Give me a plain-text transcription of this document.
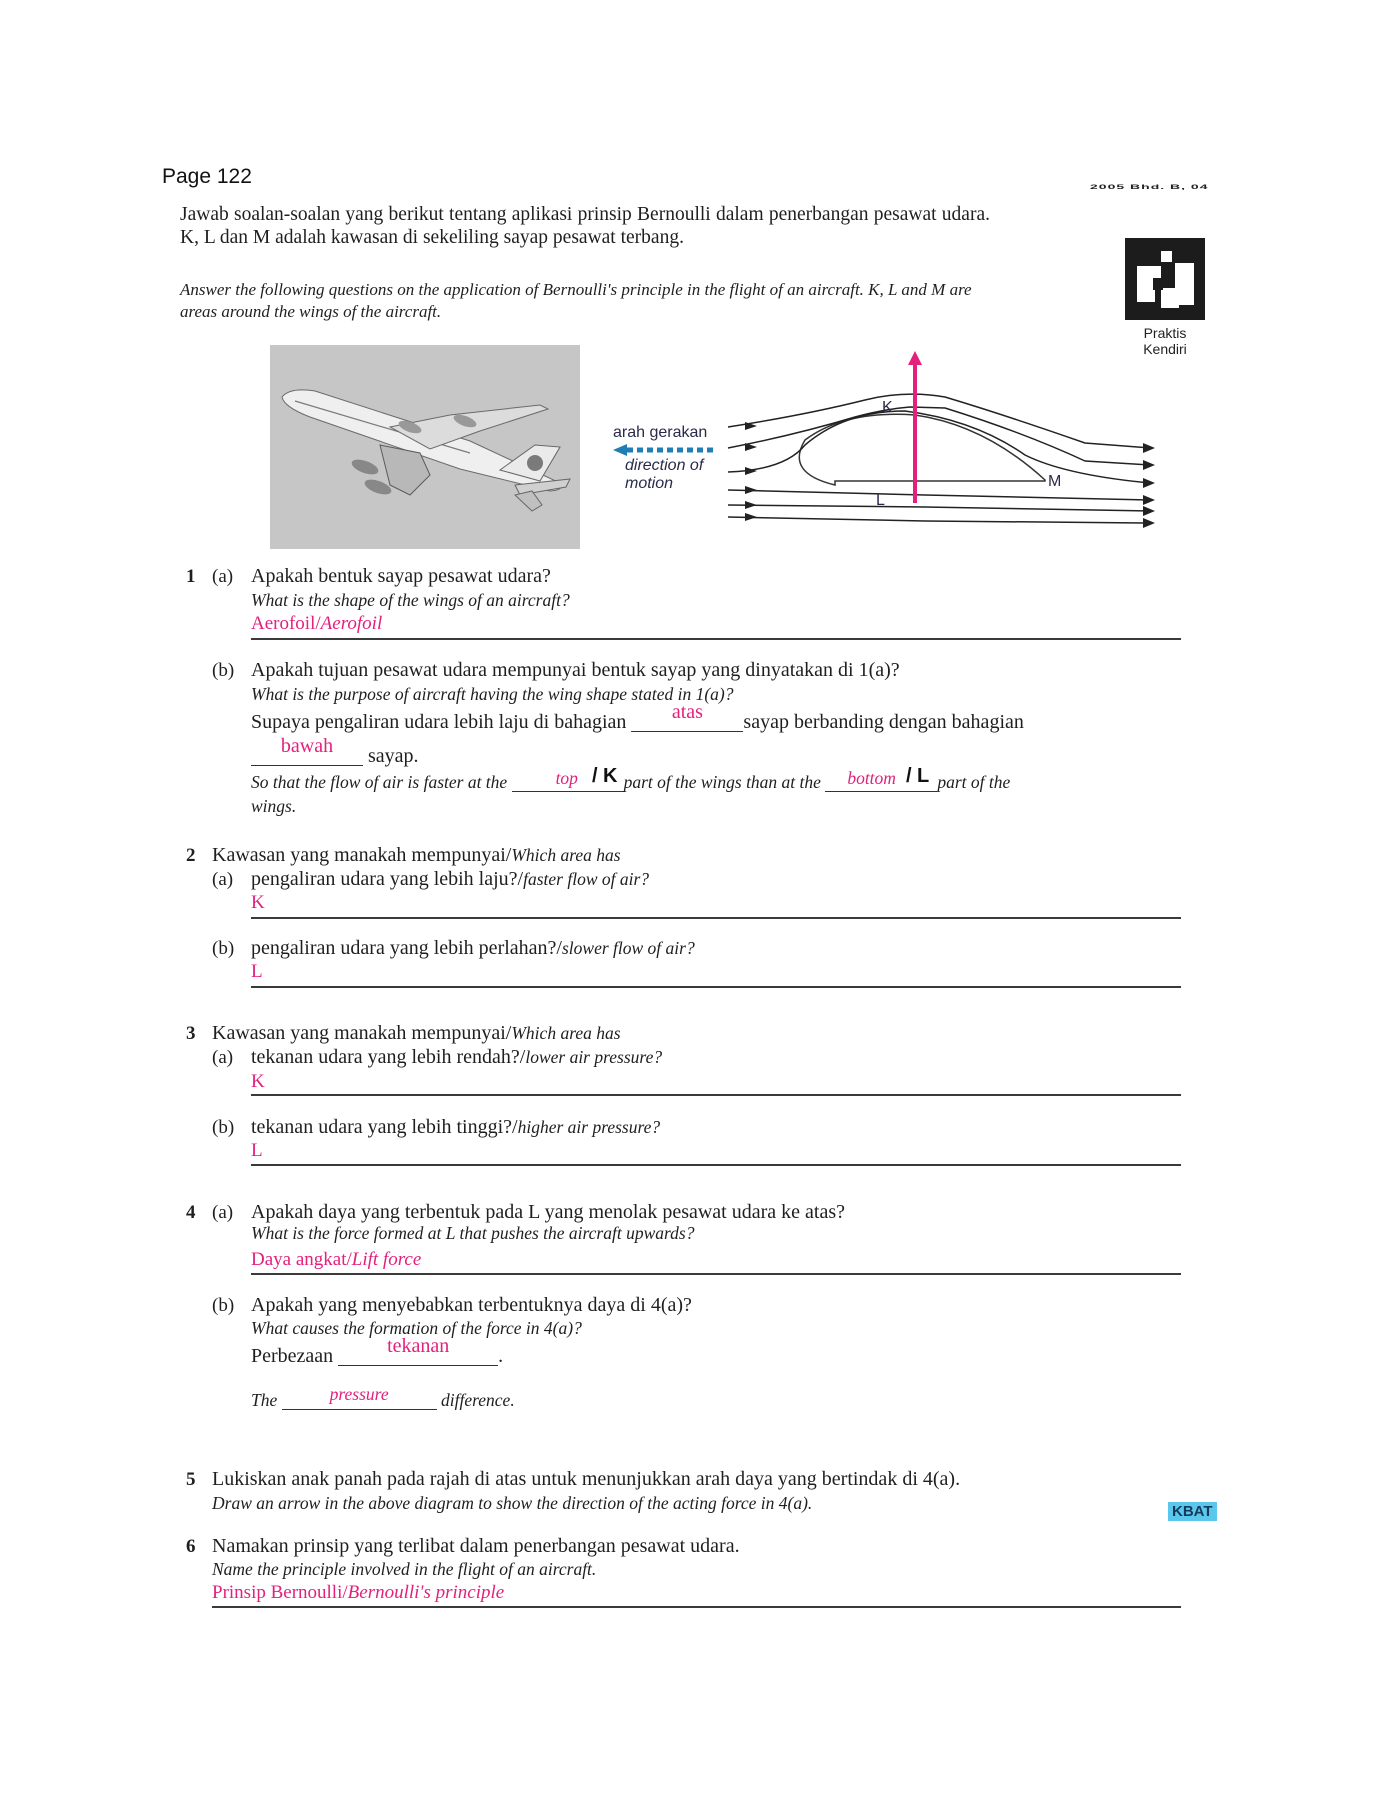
Page 122	2005 Bhd. B, 04
Jawab soalan-soalan yang berikut tentang aplikasi prinsip Bernoulli dalam penerbangan pesawat udara. K, L dan M adalah kawasan di sekeliling sayap pesawat terbang.
Answer the following questions on the application of Bernoulli's principle in the flight of an aircraft. K, L and M are areas around the wings of the aircraft.
Praktis
Kendiri
arah gerakan
direction of
motion
K
M
L
1 (a) Apakah bentuk sayap pesawat udara?
What is the shape of the wings of an aircraft?
Aerofoil/Aerofoil
(b) Apakah tujuan pesawat udara mempunyai bentuk sayap yang dinyatakan di 1(a)?
What is the purpose of aircraft having the wing shape stated in 1(a)?
Supaya pengaliran udara lebih laju di bahagian atas sayap berbanding dengan bahagian
bawah sayap.
So that the flow of air is faster at the	top / K part of the wings than at the bottom / L part of the
wings.
2 Kawasan yang manakah mempunyai/Which area has
(a) pengaliran udara yang lebih laju?/faster flow of air?
K
(b) pengaliran udara yang lebih perlahan?/slower flow of air?
L
3 Kawasan yang manakah mempunyai/Which area has
(a) tekanan udara yang lebih rendah?/lower air pressure?
K
(b) tekanan udara yang lebih tinggi?/higher air pressure?
L
4 (a) Apakah daya yang terbentuk pada L yang menolak pesawat udara ke atas?
What is the force formed at L that pushes the aircraft upwards?
Daya angkat/Lift force
(b) Apakah yang menyebabkan terbentuknya daya di 4(a)?
What causes the formation of the force in 4(a)?
Perbezaan	tekanan .
The	pressure	difference.
5 Lukiskan anak panah pada rajah di atas untuk menunjukkan arah daya yang bertindak di 4(a).
Draw an arrow in the above diagram to show the direction of the acting force in 4(a).	KBAT
6 Namakan prinsip yang terlibat dalam penerbangan pesawat udara.
Name the principle involved in the flight of an aircraft.
Prinsip Bernoulli/Bernoulli's principle
